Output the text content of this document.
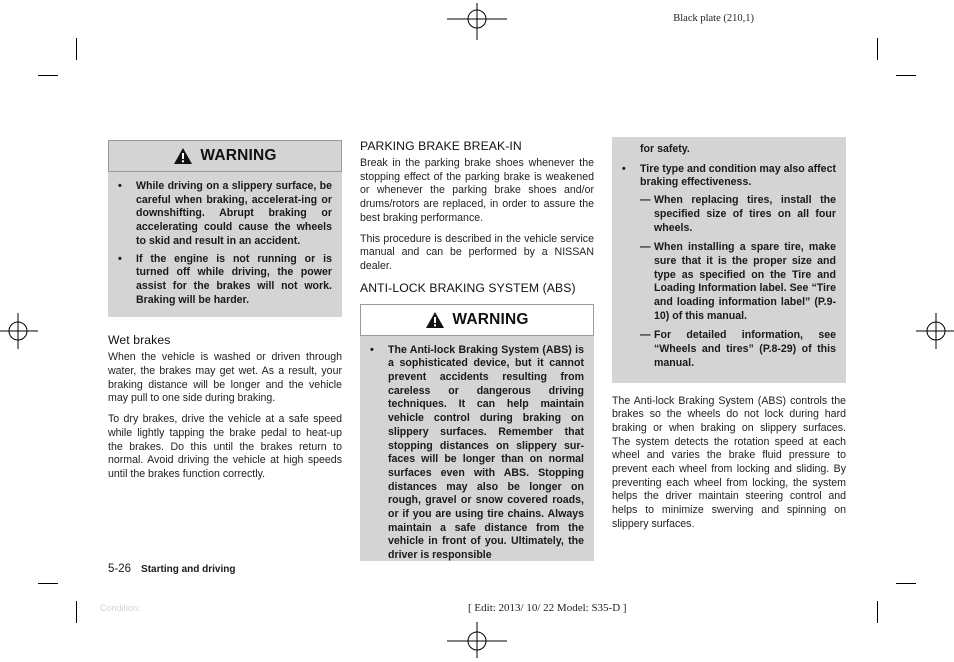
Black plate (210,1)
WARNING
• While driving on a slippery surface, be careful when braking, accelerat-ing or downshifting. Abrupt braking or accelerating could cause the wheels to skid and result in an accident.
• If the engine is not running or is turned off while driving, the power assist for the brakes will not work. Braking will be harder.
Wet brakes

When the vehicle is washed or driven through water, the brakes may get wet. As a result, your braking distance will be longer and the vehicle may pull to one side during braking.

To dry brakes, drive the vehicle at a safe speed while lightly tapping the brake pedal to heat-up the brakes. Do this until the brakes return to normal. Avoid driving the vehicle at high speeds until the brakes function correctly.

PARKING BRAKE BREAK-IN

Break in the parking brake shoes whenever the stopping effect of the parking brake is weakened or whenever the parking brake shoes and/or drums/rotors are replaced, in order to assure the best braking performance.

This procedure is described in the vehicle service manual and can be performed by a NISSAN dealer.

ANTI-LOCK BRAKING SYSTEM (ABS)
WARNING
• The Anti-lock Braking System (ABS) is a sophisticated device, but it cannot prevent accidents resulting from careless or dangerous driving techniques. It can help maintain vehicle control during braking on slippery surfaces. Remember that stopping distances on slippery sur-faces will be longer than on normal surfaces even with ABS. Stopping distances may also be longer on rough, gravel or snow covered roads, or if you are using tire chains. Always maintain a safe distance from the vehicle in front of you. Ultimately, the driver is responsible
for safety.
• Tire type and condition may also affect braking effectiveness.
— When replacing tires, install the specified size of tires on all four wheels.
— When installing a spare tire, make sure that it is the proper size and type as specified on the Tire and Loading Information label. See “Tire and loading information label” (P.9-10) of this manual.
— For detailed information, see “Wheels and tires” (P.8-29) of this manual.

The Anti-lock Braking System (ABS) controls the brakes so the wheels do not lock during hard braking or when braking on slippery surfaces. The system detects the rotation speed at each wheel and varies the brake fluid pressure to prevent each wheel from locking and sliding. By preventing each wheel from locking, the system helps the driver maintain steering control and helps to minimize swerving and spinning on slippery surfaces.

5-26 Starting and driving
Condition:	[ Edit: 2013/ 10/ 22 Model: S35-D ]
